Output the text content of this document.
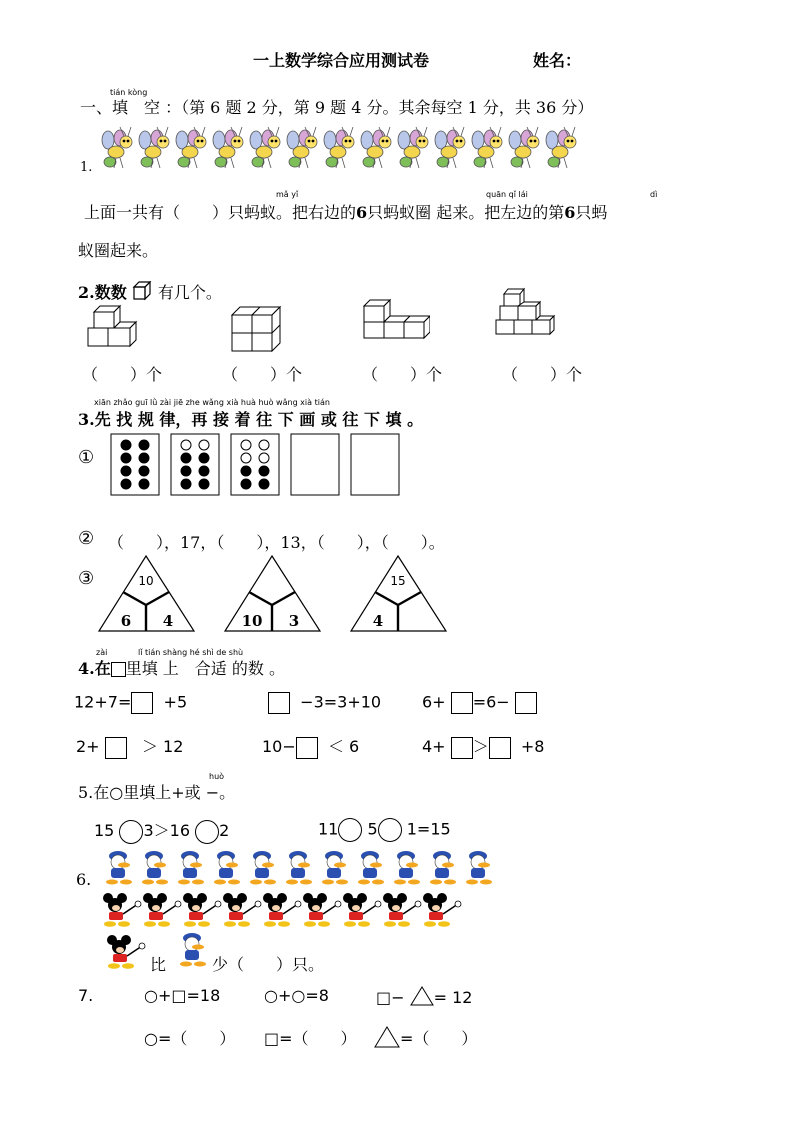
一上数学综合应用测试卷	姓名：
tián kòng
一、填　空 ：（第 6 题 2 分，第 9 题 4 分。其余每空 1 分，共 36 分）
1.
mǎ yǐ	quān qǐ lái	dì
上面一共有（　　）只蚂蚁。把右边的6只蚂蚁圈 起来。把左边的第6只蚂
蚁圈起来。
2.数数 有几个。
（　　）个	（　　）个	（　　）个	（　　）个
xiān zhǎo guī lǜ zài jiē zhe wǎng xià huà huò wǎng xià tián
3.先 找 规 律，再 接 着 往 下 画 或 往 下 填 。
①
② （　　），17，（　　），13，（　　），（　　）。
③	10
6 4	10 3
15
4
zài	lǐ tián shàng hé shì de shù
4.在 里填 上　合适 的数 。
12+7= +5	−3=3+10	6+ =6−
2+	＞ 12	10− ＜ 6	4+ ＞ +8
huò
5.在○里填上+或 −。
15 3＞16 2	11 5 1=15
6.
比	少（　　）只。
7.	○+□=18	○+○=8	□− = 12
○=（　　） □=（　　）	=（　　）
